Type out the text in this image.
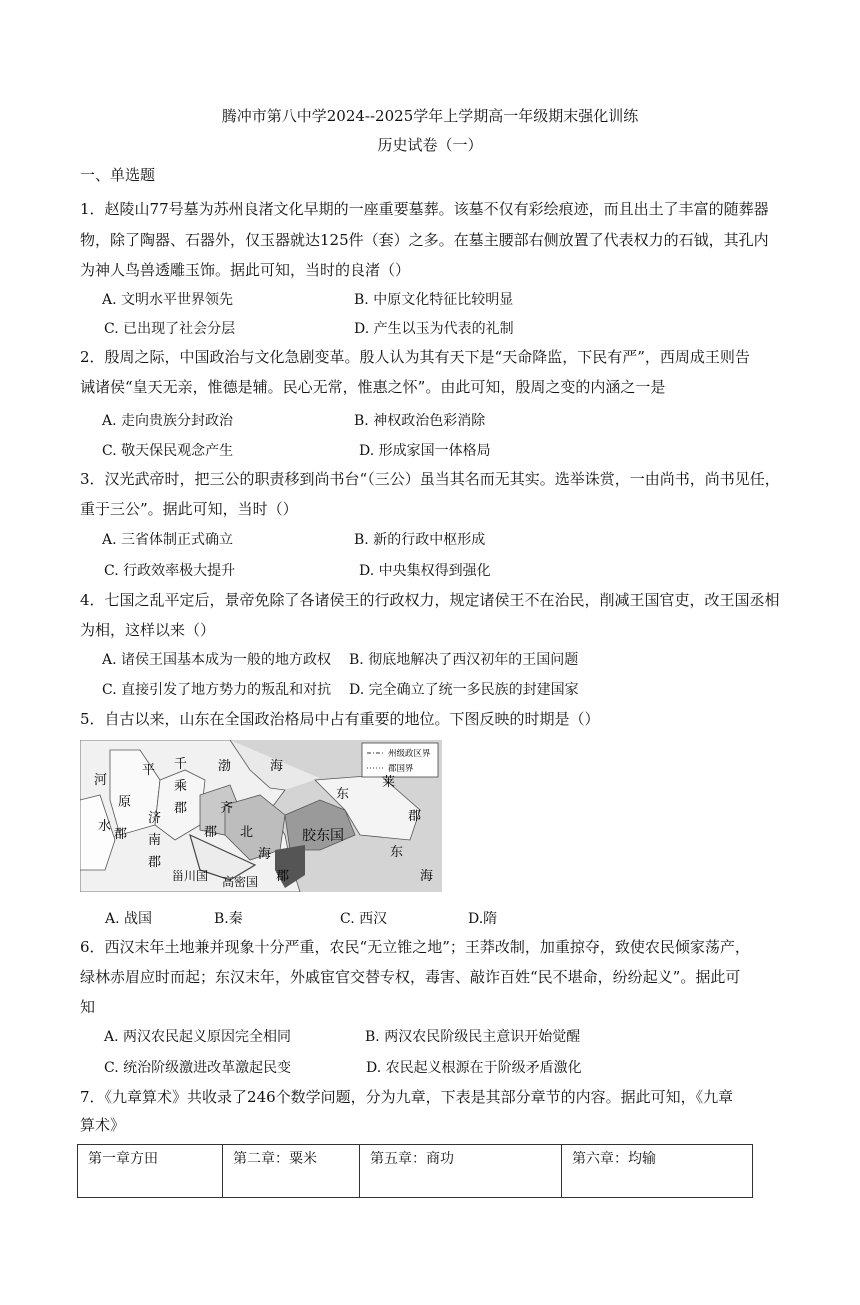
腾冲市第八中学2024--2025学年上学期高一年级期末强化训练
历史试卷（一）
一、单选题
1．赵陵山77号墓为苏州良渚文化早期的一座重要墓葬。该墓不仅有彩绘痕迹，而且出土了丰富的随葬器
物，除了陶器、石器外，仅玉器就达125件（套）之多。在墓主腰部右侧放置了代表权力的石钺，其孔内
为神人鸟兽透雕玉饰。据此可知，当时的良渚（）
A. 文明水平世界领先	B. 中原文化特征比较明显
C. 已出现了社会分层	D. 产生以玉为代表的礼制
2．殷周之际，中国政治与文化急剧变革。殷人认为其有天下是“天命降监，下民有严”，西周成王则告
诫诸侯“皇天无亲，惟德是辅。民心无常，惟惠之怀”。由此可知，殷周之变的内涵之一是
A. 走向贵族分封政治	B. 神权政治色彩消除
C. 敬天保民观念产生	D. 形成家国一体格局
3．汉光武帝时，把三公的职责移到尚书台“（三公）虽当其名而无其实。选举诛赏，一由尚书，尚书见任，
重于三公”。据此可知，当时（）
A. 三省体制正式确立	B. 新的行政中枢形成
C. 行政效率极大提升	D. 中央集权得到强化
4．七国之乱平定后，景帝免除了各诸侯王的行政权力，规定诸侯王不在治民，削减王国官吏，改王国丞相
为相，这样以来（）
A. 诸侯王国基本成为一般的地方政权 B. 彻底地解决了西汉初年的王国问题
C. 直接引发了地方势力的叛乱和对抗 D. 完全确立了统一多民族的封建国家
5．自古以来，山东在全国政治格局中占有重要的地位。下图反映的时期是（）
州级政区界
郡国界
河
水
平
原
郡
千
乘
郡
济
南
郡
齐
郡 北
海
郡
渤	海
东
莱
郡
胶东国
东
海
甾川国 高密国
A. 战国	B.秦	C. 西汉	D.隋
6．西汉末年土地兼并现象十分严重，农民“无立锥之地”；王莽改制，加重掠夺，致使农民倾家荡产，
绿林赤眉应时而起；东汉末年，外戚宦官交替专权，毒害、敲诈百姓“民不堪命，纷纷起义”。据此可
知
A. 两汉农民起义原因完全相同	B. 两汉农民阶级民主意识开始觉醒
C. 统治阶级激进改革激起民变	D. 农民起义根源在于阶级矛盾激化
7．《九章算术》共收录了246个数学问题，分为九章，下表是其部分章节的内容。据此可知，《九章
算术》
第一章方田	第二章：粟米	第五章：商功	第六章：均输
